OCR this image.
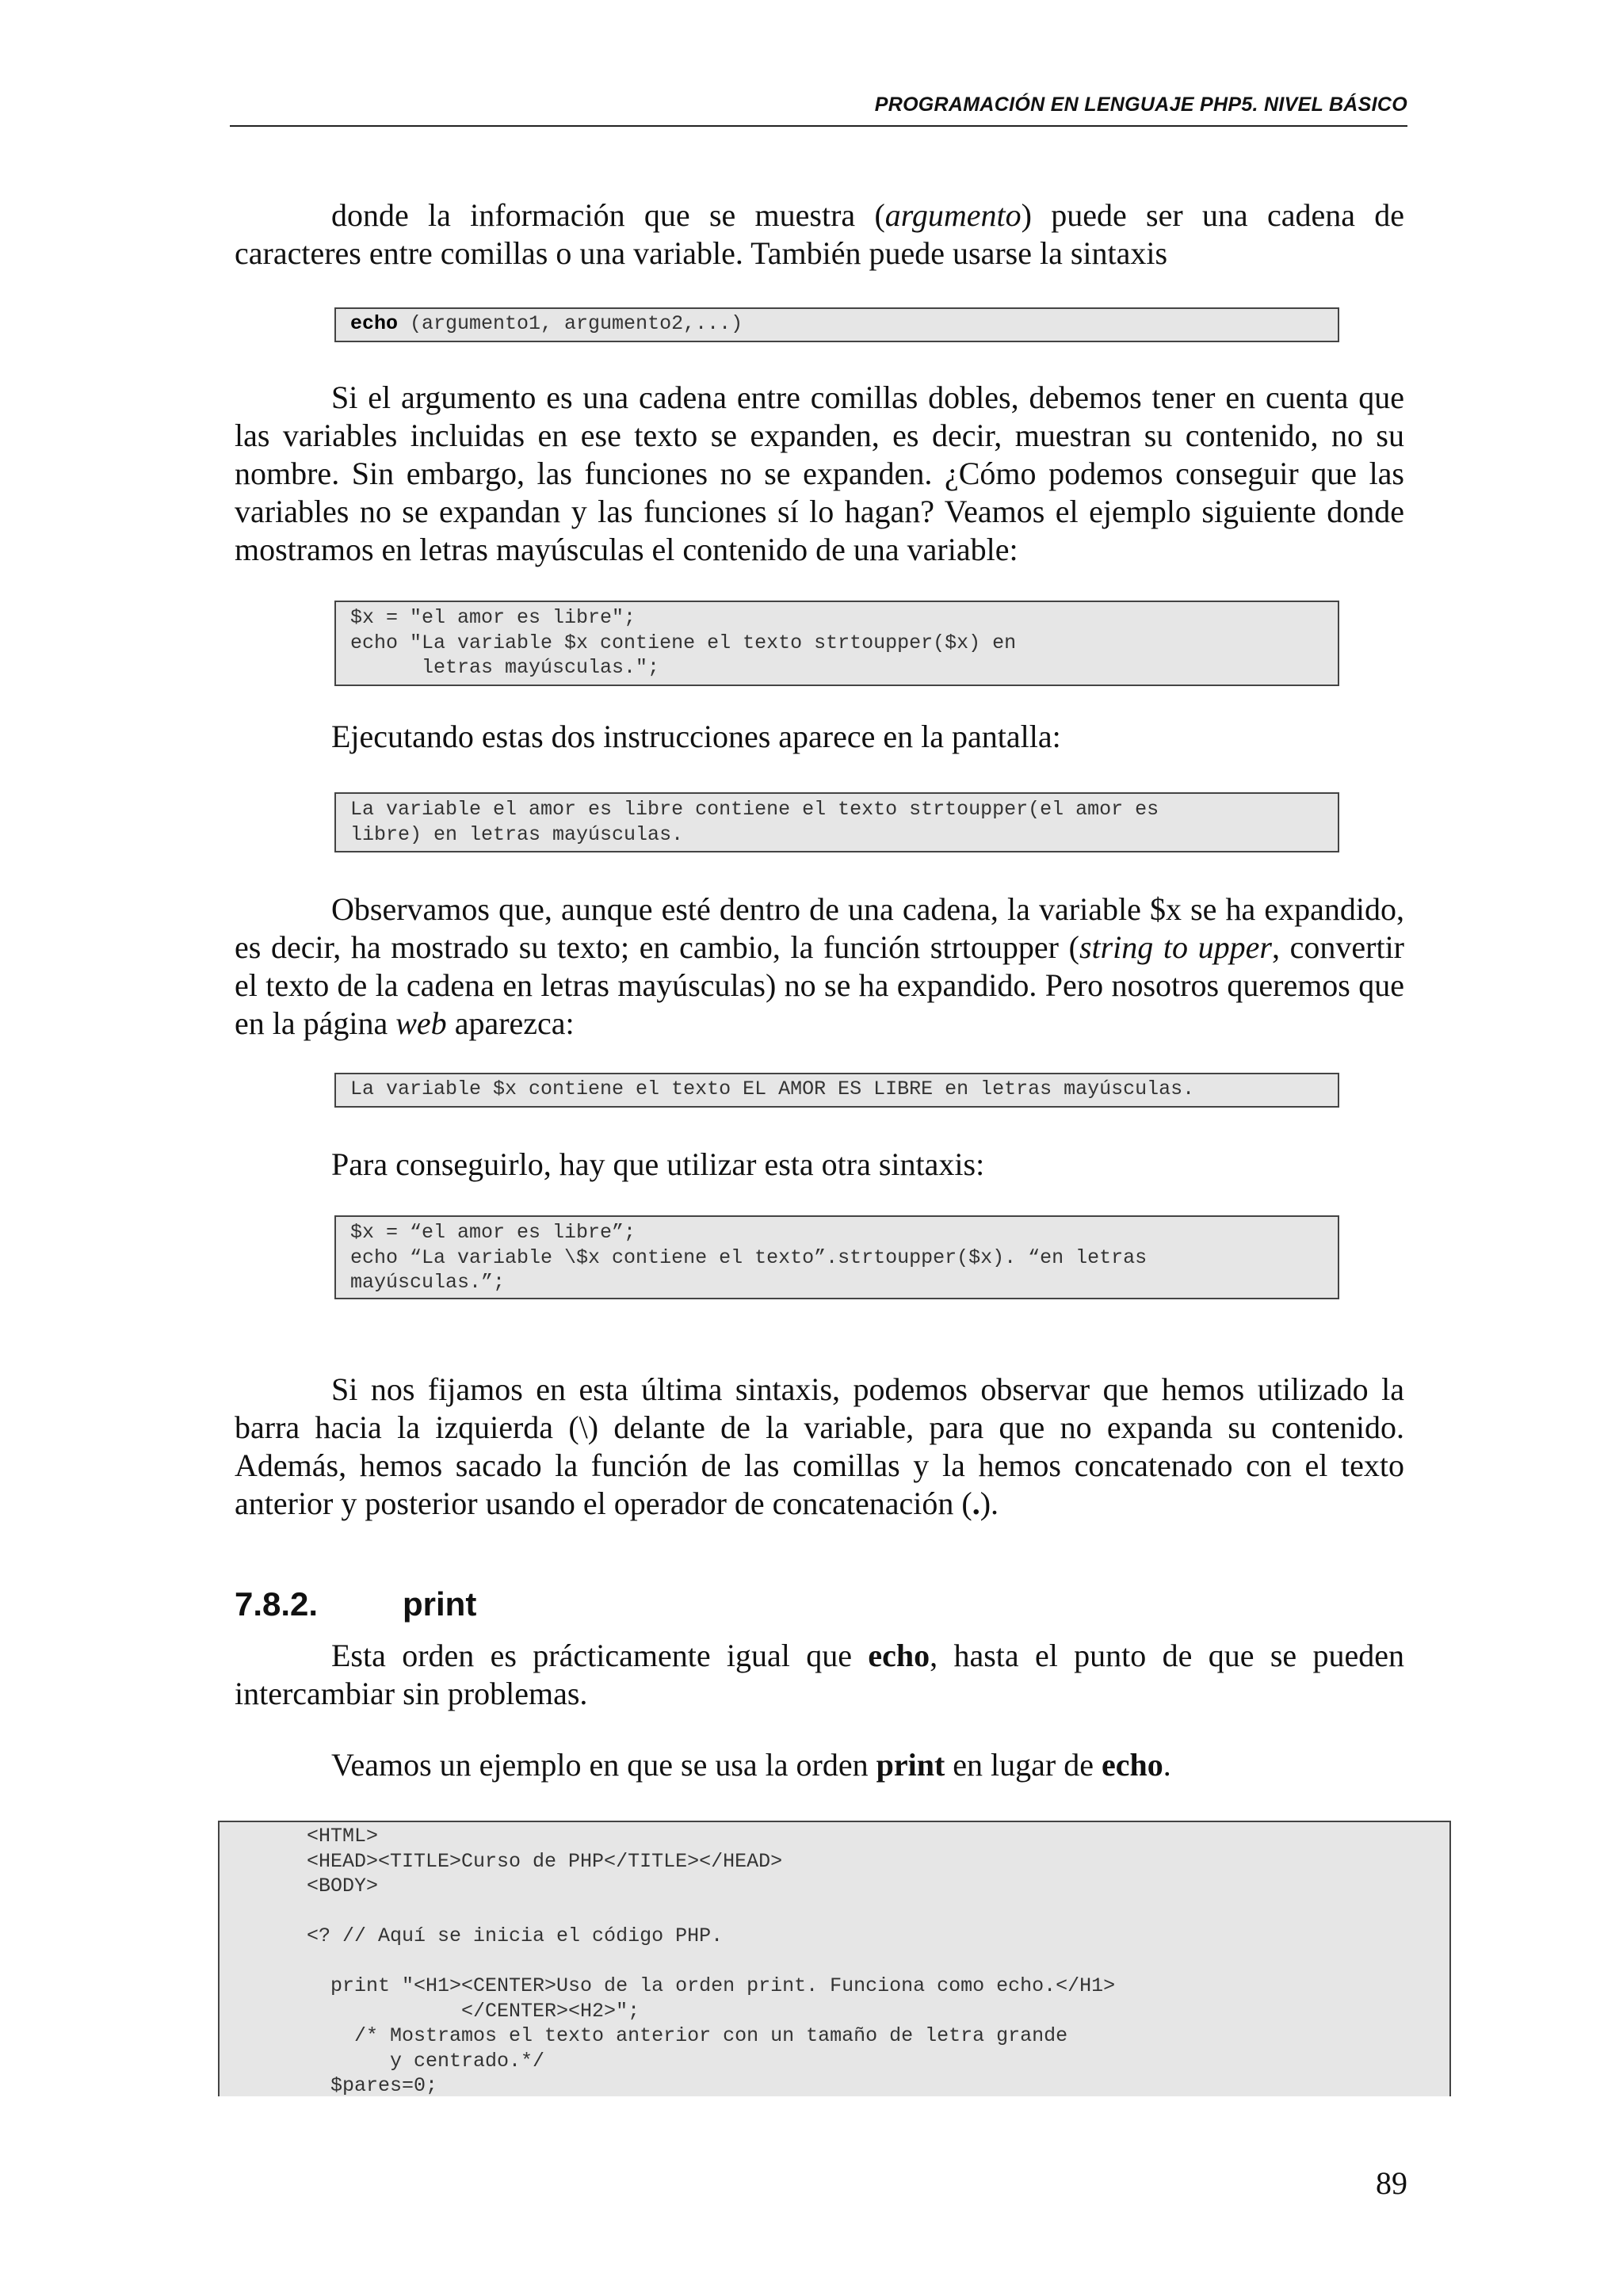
PROGRAMACIÓN EN LENGUAJE PHP5. NIVEL BÁSICO

donde la información que se muestra (argumento) puede ser una cadena de caracteres entre comillas o una variable. También puede usarse la sintaxis

echo (argumento1, argumento2,...)

Si el argumento es una cadena entre comillas dobles, debemos tener en cuenta que las variables incluidas en ese texto se expanden, es decir, muestran su contenido, no su nombre. Sin embargo, las funciones no se expanden. ¿Cómo podemos conseguir que las variables no se expandan y las funciones sí lo hagan? Veamos el ejemplo siguiente donde mostramos en letras mayúsculas el contenido de una variable:

$x = "el amor es libre";
echo "La variable $x contiene el texto strtoupper($x) en
letras mayúsculas.";

Ejecutando estas dos instrucciones aparece en la pantalla:

La variable el amor es libre contiene el texto strtoupper(el amor es
libre) en letras mayúsculas.

Observamos que, aunque esté dentro de una cadena, la variable $x se ha expandido, es decir, ha mostrado su texto; en cambio, la función strtoupper (string to upper, convertir el texto de la cadena en letras mayúsculas) no se ha expandido. Pero nosotros queremos que en la página web aparezca:

La variable $x contiene el texto EL AMOR ES LIBRE en letras mayúsculas.

Para conseguirlo, hay que utilizar esta otra sintaxis:

$x = “el amor es libre”;
echo “La variable \$x contiene el texto”.strtoupper($x). “en letras
mayúsculas.”;

Si nos fijamos en esta última sintaxis, podemos observar que hemos utilizado la barra hacia la izquierda (\) delante de la variable, para que no expanda su contenido. Además, hemos sacado la función de las comillas y la hemos concatenado con el texto anterior y posterior usando el operador de concatenación (.).

7.8.2.	print

Esta orden es prácticamente igual que echo, hasta el punto de que se pueden intercambiar sin problemas.

Veamos un ejemplo en que se usa la orden print en lugar de echo.

<HTML>
<HEAD><TITLE>Curso de PHP</TITLE></HEAD>
<BODY>

<? // Aquí se inicia el código PHP.

print "<H1><CENTER>Uso de la orden print. Funciona como echo.</H1>
</CENTER><H2>";
/* Mostramos el texto anterior con un tamaño de letra grande
y centrado.*/
$pares=0;
89
